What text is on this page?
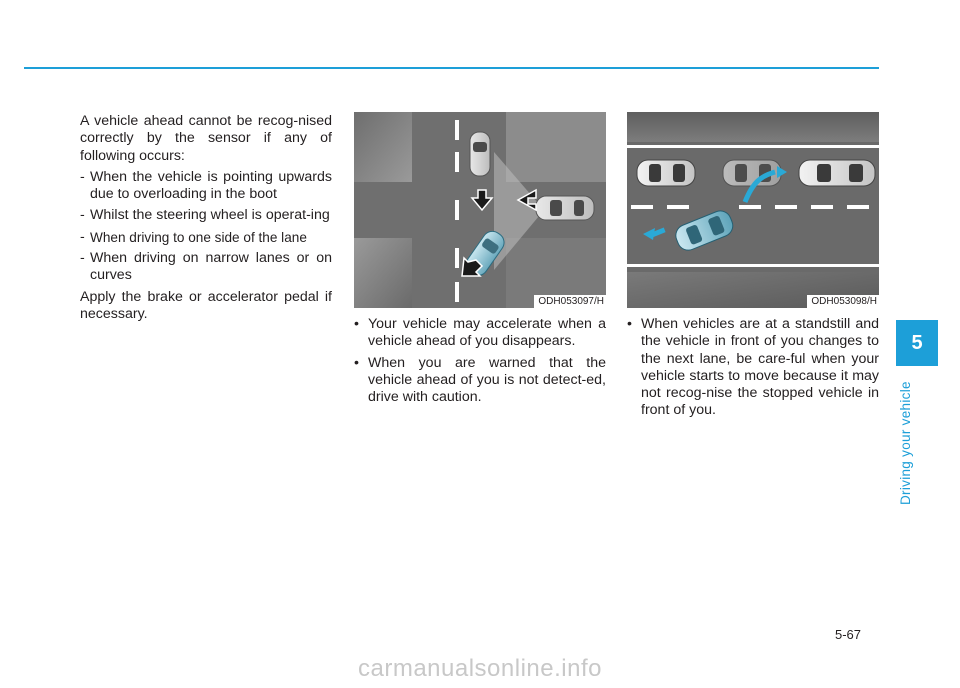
A vehicle ahead cannot be recog-nised correctly by the sensor if any of following occurs:

- When the vehicle is pointing upwards due to overloading in the boot
- Whilst the steering wheel is operat-ing
- When driving to one side of the lane
- When driving on narrow lanes or on curves

Apply the brake or accelerator pedal if necessary.

ODH053097/H
• Your vehicle may accelerate when a vehicle ahead of you disappears.
• When you are warned that the vehicle ahead of you is not detect-ed, drive with caution.
ODH053098/H
• When vehicles are at a standstill and the vehicle in front of you changes to the next lane, be care-ful when your vehicle starts to move because it may not recog-nise the stopped vehicle in front of you.
5
Driving your vehicle
5-67
carmanualsonline.info
